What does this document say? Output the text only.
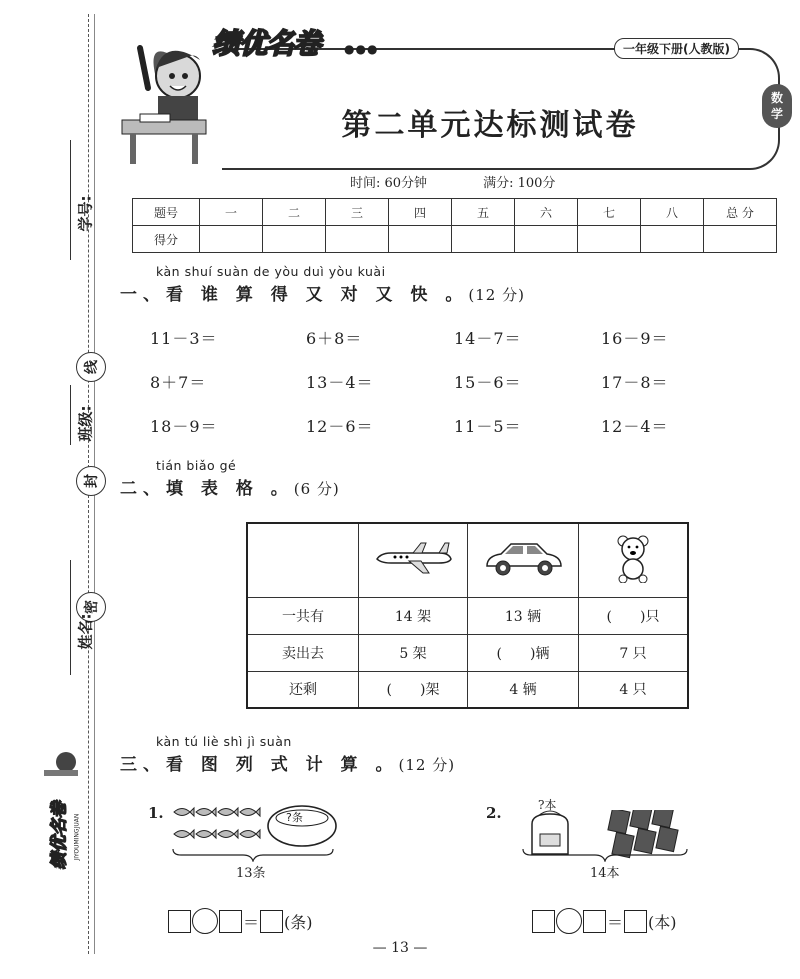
学号:
线
封
班级:
密
姓名:
绩优名卷 JIYOUMINGJUAN
绩优名卷 ●●●	一年级下册(人教版)
数
学
第二单元达标测试卷
时间: 60分钟	满分: 100分
题号	一	二	三	四	五	六	七	八	总 分
得分									
kàn shuí suàn de yòu duì yòu kuài
一、看 谁 算 得 又 对 又 快 。(12 分)
11－3＝	6＋8＝	14－7＝	16－9＝
8＋7＝	13－4＝	15－6＝	17－8＝
18－9＝	12－6＝	11－5＝	12－4＝
tián biǎo gé
二、填 表 格 。(6 分)

一共有	14 架	13 辆	(　　)只
卖出去	5 架	(　　)辆	7 只
还剩	(　　)架	4 辆	4 只
kàn tú liè shì jì suàn
三、看 图 列 式 计 算 。(12 分)
1.	?条
13条
＝ (条)
2.	?本
14本
＝ (本)
— 13 —
